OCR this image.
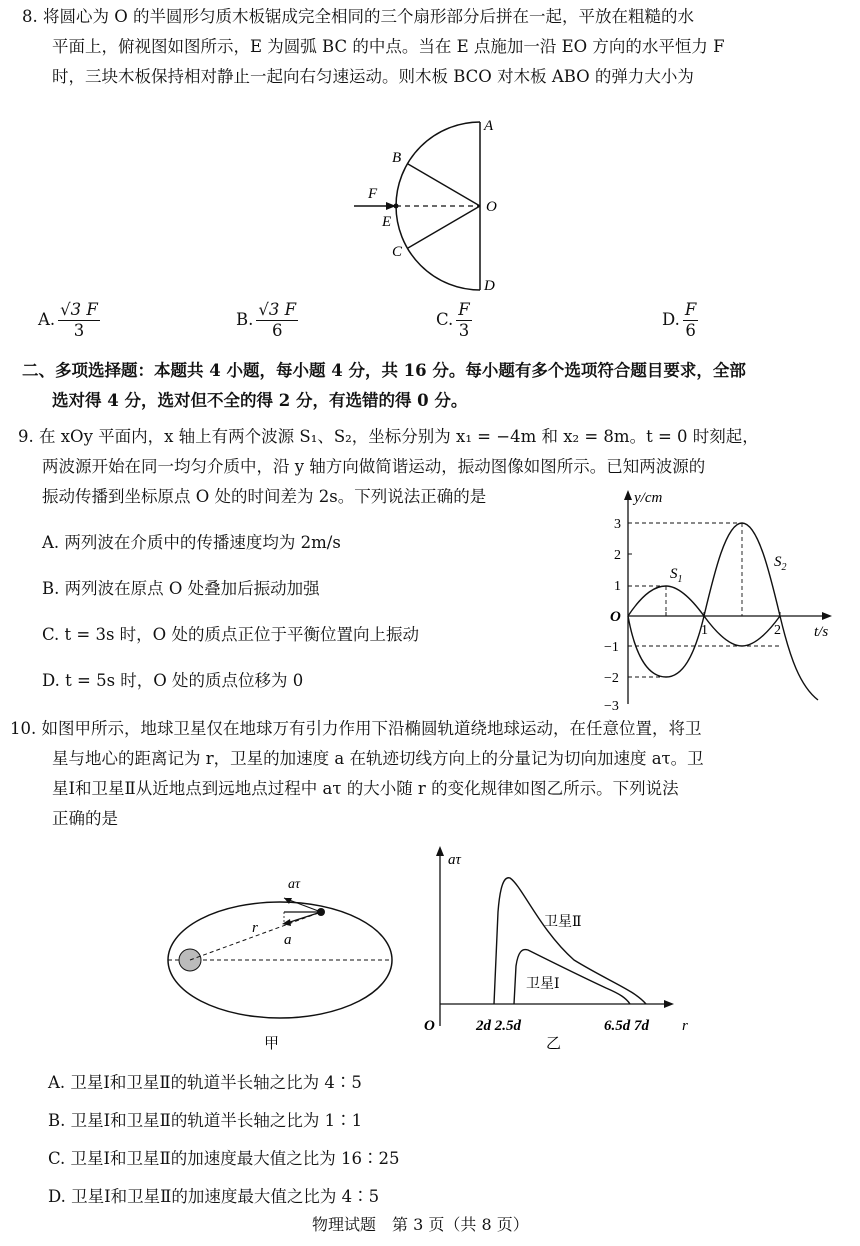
8. 将圆心为 O 的半圆形匀质木板锯成完全相同的三个扇形部分后拼在一起，平放在粗糙的水
平面上，俯视图如图所示，E 为圆弧 BC 的中点。当在 E 点施加一沿 EO 方向的水平恒力 F
时，三块木板保持相对静止一起向右匀速运动。则木板 BCO 对木板 ABO 的弹力大小为
A
B
F
E
O
C
D
A. $\frac{√3 F}{3}$	B. $\frac{√3 F}{6}$	C. $\frac{F}{3}$	D. $\frac{F}{6}$
二、多项选择题：本题共 4 小题，每小题 4 分，共 16 分。每小题有多个选项符合题目要求，全部
选对得 4 分，选对但不全的得 2 分，有选错的得 0 分。
9. 在 xOy 平面内，x 轴上有两个波源 S₁、S₂，坐标分别为 x₁ = −4m 和 x₂ = 8m。t = 0 时刻起，
两波源开始在同一均匀介质中，沿 y 轴方向做简谐运动，振动图像如图所示。已知两波源的
振动传播到坐标原点 O 处的时间差为 2s。下列说法正确的是
A. 两列波在介质中的传播速度均为 2m/s
B. 两列波在原点 O 处叠加后振动加强
C. t = 3s 时，O 处的质点正位于平衡位置向上振动
D. t = 5s 时，O 处的质点位移为 0
y/cm
t/s
O
3
2
1
−1
−2
−3
1	2
$S_1$
$S_2$
10. 如图甲所示，地球卫星仅在地球万有引力作用下沿椭圆轨道绕地球运动，在任意位置，将卫
星与地心的距离记为 r，卫星的加速度 a 在轨迹切线方向上的分量记为切向加速度 aτ。卫
星Ⅰ和卫星Ⅱ从近地点到远地点过程中 aτ 的大小随 r 的变化规律如图乙所示。下列说法
正确的是
aτ
r
a
甲
aτ
O	2d 2.5d	6.5d 7d r
卫星Ⅱ
卫星Ⅰ
乙
A. 卫星Ⅰ和卫星Ⅱ的轨道半长轴之比为 4∶5
B. 卫星Ⅰ和卫星Ⅱ的轨道半长轴之比为 1∶1
C. 卫星Ⅰ和卫星Ⅱ的加速度最大值之比为 16∶25
D. 卫星Ⅰ和卫星Ⅱ的加速度最大值之比为 4∶5
物理试题　第 3 页（共 8 页）
